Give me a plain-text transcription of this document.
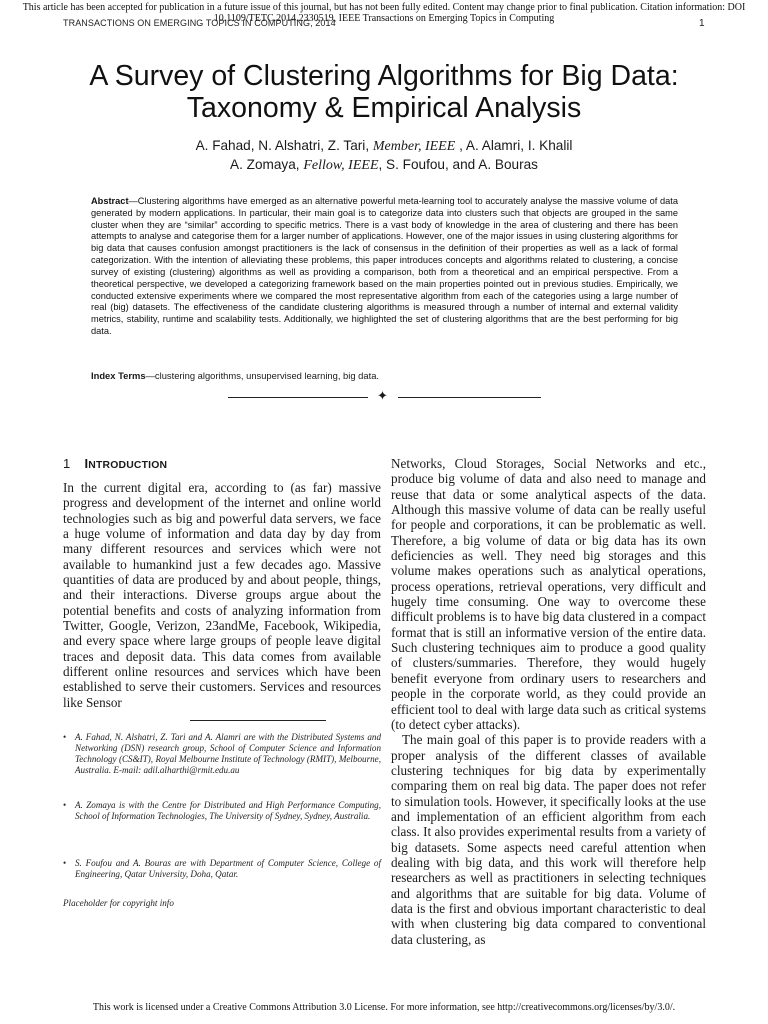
This article has been accepted for publication in a future issue of this journal, but has not been fully edited. Content may change prior to final publication. Citation information: DOI 10.1109/TETC.2014.2330519, IEEE Transactions on Emerging Topics in Computing
TRANSACTIONS ON EMERGING TOPICS IN COMPUTING, 2014	1
A Survey of Clustering Algorithms for Big Data:
Taxonomy & Empirical Analysis
A. Fahad, N. Alshatri, Z. Tari, Member, IEEE , A. Alamri, I. Khalil
A. Zomaya, Fellow, IEEE, S. Foufou, and A. Bouras
Abstract—Clustering algorithms have emerged as an alternative powerful meta-learning tool to accurately analyse the massive volume of data generated by modern applications. In particular, their main goal is to categorize data into clusters such that objects are grouped in the same cluster when they are “similar” according to specific metrics. There is a vast body of knowledge in the area of clustering and there has been attempts to analyse and categorise them for a larger number of applications. However, one of the major issues in using clustering algorithms for big data that causes confusion amongst practitioners is the lack of consensus in the definition of their properties as well as a lack of formal categorization. With the intention of alleviating these problems, this paper introduces concepts and algorithms related to clustering, a concise survey of existing (clustering) algorithms as well as providing a comparison, both from a theoretical and an empirical perspective. From a theoretical perspective, we developed a categorizing framework based on the main properties pointed out in previous studies. Empirically, we conducted extensive experiments where we compared the most representative algorithm from each of the categories using a large number of real (big) datasets. The effectiveness of the candidate clustering algorithms is measured through a number of internal and external validity metrics, stability, runtime and scalability tests. Additionally, we highlighted the set of clustering algorithms that are the best performing for big data.
Index Terms—clustering algorithms, unsupervised learning, big data.
✦
1 INTRODUCTION
In the current digital era, according to (as far) massive progress and development of the internet and online world technologies such as big and powerful data servers, we face a huge volume of information and data day by day from many different resources and services which were not available to humankind just a few decades ago. Massive quantities of data are produced by and about people, things, and their interactions. Diverse groups argue about the potential benefits and costs of analyzing information from Twitter, Google, Verizon, 23andMe, Facebook, Wikipedia, and every space where large groups of people leave digital traces and deposit data. This data comes from available different online resources and services which have been established to serve their customers. Services and resources like Sensor
• A. Fahad, N. Alshatri, Z. Tari and A. Alamri are with the Distributed Systems and Networking (DSN) research group, School of Computer Science and Information Technology (CS&IT), Royal Melbourne Institute of Technology (RMIT), Melbourne, Australia. E-mail: adil.alharthi@rmit.edu.au
• A. Zomaya is with the Centre for Distributed and High Performance Computing, School of Information Technologies, The University of Sydney, Sydney, Australia.
• S. Foufou and A. Bouras are with Department of Computer Science, College of Engineering, Qatar University, Doha, Qatar.
Placeholder for copyright info

Networks, Cloud Storages, Social Networks and etc., produce big volume of data and also need to manage and reuse that data or some analytical aspects of the data. Although this massive volume of data can be really useful for people and corporations, it can be problematic as well. Therefore, a big volume of data or big data has its own deficiencies as well. They need big storages and this volume makes operations such as analytical operations, process operations, retrieval operations, very difficult and hugely time consuming. One way to overcome these difficult problems is to have big data clustered in a compact format that is still an informative version of the entire data. Such clustering techniques aim to produce a good quality of clusters/summaries. Therefore, they would hugely benefit everyone from ordinary users to researchers and people in the corporate world, as they could provide an efficient tool to deal with large data such as critical systems (to detect cyber attacks).

The main goal of this paper is to provide readers with a proper analysis of the different classes of available clustering techniques for big data by experimentally comparing them on real big data. The paper does not refer to simulation tools. However, it specifically looks at the use and implementation of an efficient algorithm from each class. It also provides experimental results from a variety of big datasets. Some aspects need careful attention when dealing with big data, and this work will therefore help researchers as well as practitioners in selecting techniques and algorithms that are suitable for big data. Volume of data is the first and obvious important characteristic to deal with when clustering big data compared to conventional data clustering, as

This work is licensed under a Creative Commons Attribution 3.0 License. For more information, see http://creativecommons.org/licenses/by/3.0/.
